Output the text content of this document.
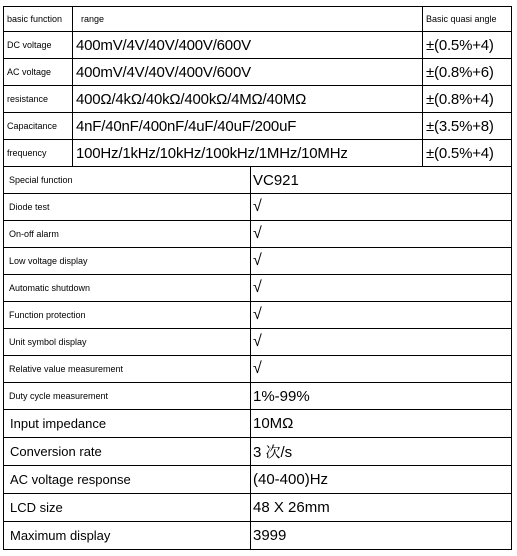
basic function	range	Basic quasi angle
DC voltage	400mV/4V/40V/400V/600V	±(0.5%+4)
AC voltage	400mV/4V/40V/400V/600V	±(0.8%+6)
resistance	400Ω/4kΩ/40kΩ/400kΩ/4MΩ/40MΩ	±(0.8%+4)
Capacitance	4nF/40nF/400nF/4uF/40uF/200uF	±(3.5%+8)
frequency	100Hz/1kHz/10kHz/100kHz/1MHz/10MHz	±(0.5%+4)
Special function	VC921
Diode test	√
On-off alarm	√
Low voltage display	√
Automatic shutdown	√
Function protection	√
Unit symbol display	√
Relative value measurement	√
Duty cycle measurement	1%-99%
Input impedance	10MΩ
Conversion rate	3 次/s
AC voltage response	(40-400)Hz
LCD size	48 X 26mm
Maximum display	3999
